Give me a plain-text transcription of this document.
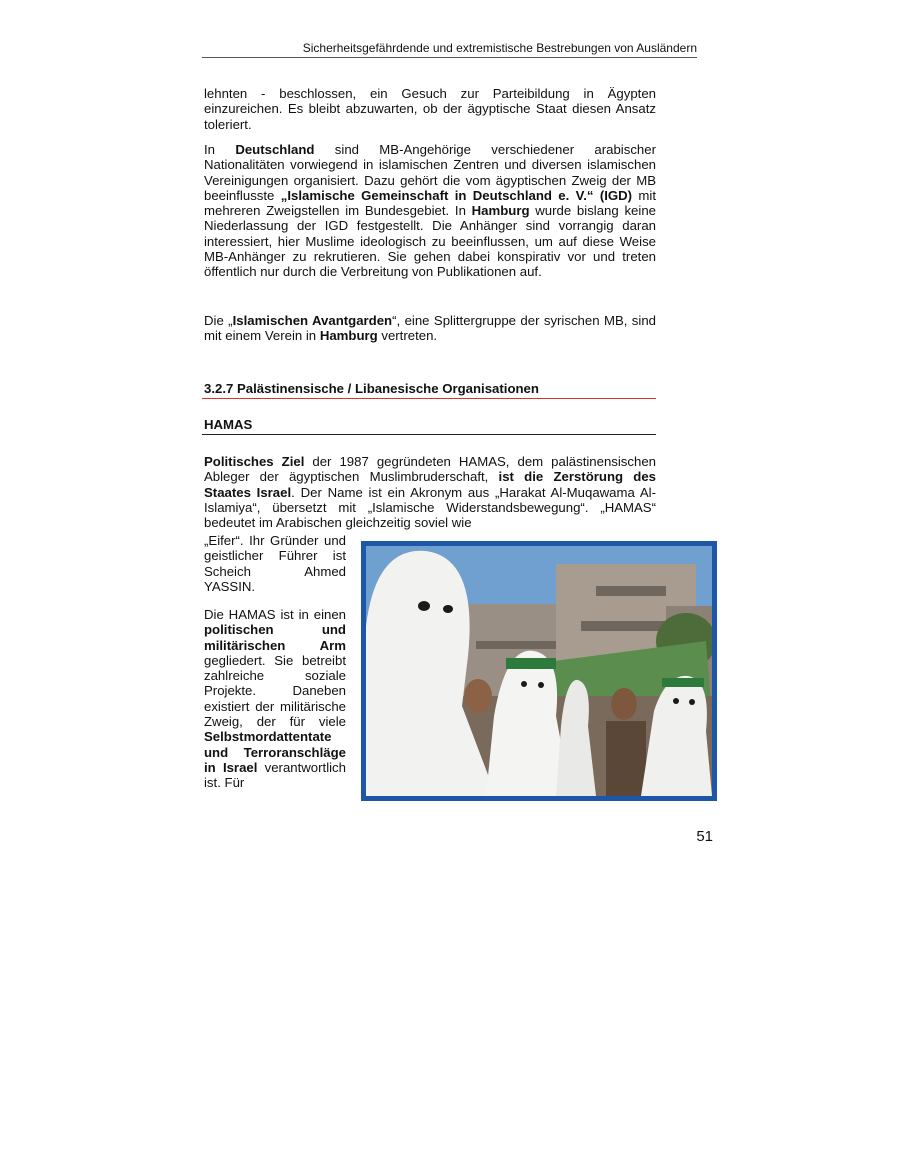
Sicherheitsgefährdende und extremistische Bestrebungen von Ausländern

lehnten - beschlossen, ein Gesuch zur Parteibildung in Ägypten einzureichen. Es bleibt abzuwarten, ob der ägyptische Staat diesen Ansatz toleriert.

In Deutschland sind MB-Angehörige verschiedener arabischer Nationalitäten vorwiegend in islamischen Zentren und diversen islamischen Vereinigungen organisiert. Dazu gehört die vom ägyptischen Zweig der MB beeinflusste „Islamische Gemeinschaft in Deutschland e. V.“ (IGD) mit mehreren Zweigstellen im Bundesgebiet. In Hamburg wurde bislang keine Niederlassung der IGD festgestellt. Die Anhänger sind vorrangig daran interessiert, hier Muslime ideologisch zu beeinflussen, um auf diese Weise MB-Anhänger zu rekrutieren. Sie gehen dabei konspirativ vor und treten öffentlich nur durch die Verbreitung von Publikationen auf.

Die „Islamischen Avantgarden“, eine Splittergruppe der syrischen MB, sind mit einem Verein in Hamburg vertreten.

3.2.7 Palästinensische / Libanesische Organisationen
HAMAS

Politisches Ziel der 1987 gegründeten HAMAS, dem palästinensischen Ableger der ägyptischen Muslimbruderschaft, ist die Zerstörung des Staates Israel. Der Name ist ein Akronym aus „Harakat Al-Muqawama Al-Islamiya“, übersetzt mit „Islamische Widerstandsbewegung“. „HAMAS“ bedeutet im Arabischen gleichzeitig soviel wie

„Eifer“. Ihr Gründer und geistlicher Führer ist Scheich Ahmed YASSIN.

Die HAMAS ist in einen politischen und militärischen Arm gegliedert. Sie betreibt zahlreiche soziale Projekte. Daneben existiert der militärische Zweig, der für viele Selbstmordattentate und Terroranschläge in Israel verantwortlich ist. Für

51
